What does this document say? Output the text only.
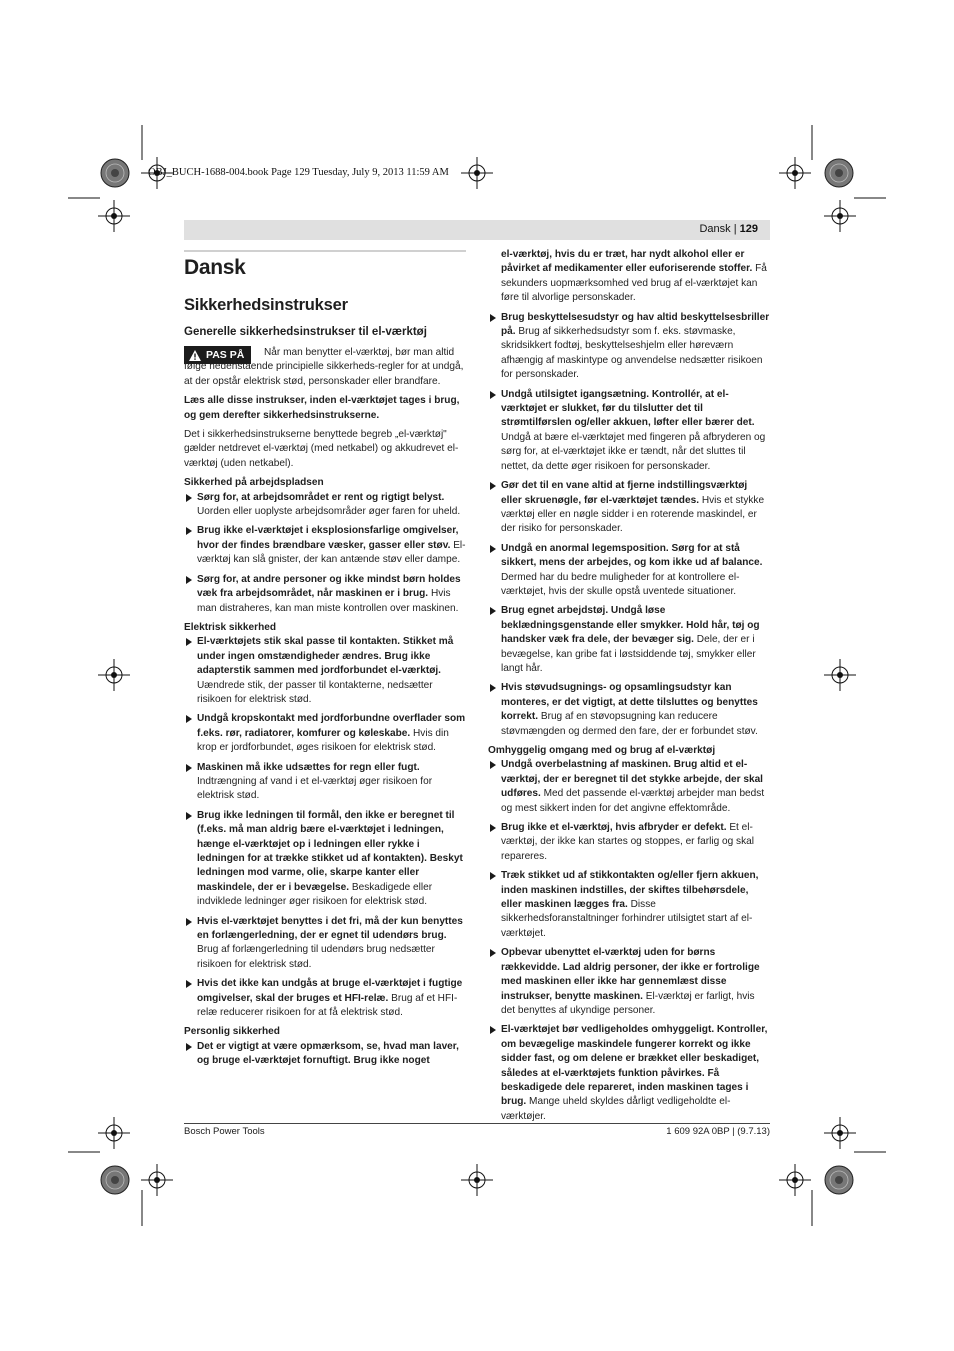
OBJ_BUCH-1688-004.book Page 129 Tuesday, July 9, 2013 11:59 AM
Dansk | 129
Dansk
Sikkerhedsinstrukser
Generelle sikkerhedsinstrukser til el-værktøj
PAS PÅ	Når man benytter el-værktøj, bør man altid følge nedenstående principielle sikkerheds-regler for at undgå, at der opstår elektrisk stød, personskader eller brandfare.

Læs alle disse instrukser, inden el-værktøjet tages i brug, og gem derefter sikkerhedsinstrukserne.

Det i sikkerhedsinstrukserne benyttede begreb „el-værktøj" gælder netdrevet el-værktøj (med netkabel) og akkudrevet el-værktøj (uden netkabel).

Sikkerhed på arbejdspladsen
Sørg for, at arbejdsområdet er rent og rigtigt belyst. Uorden eller uoplyste arbejdsområder øger faren for uheld.
Brug ikke el-værktøjet i eksplosionsfarlige omgivelser, hvor der findes brændbare væsker, gasser eller støv. El-værktøj kan slå gnister, der kan antænde støv eller dampe.
Sørg for, at andre personer og ikke mindst børn holdes væk fra arbejdsområdet, når maskinen er i brug. Hvis man distraheres, kan man miste kontrollen over maskinen.
Elektrisk sikkerhed
El-værktøjets stik skal passe til kontakten. Stikket må under ingen omstændigheder ændres. Brug ikke adapterstik sammen med jordforbundet el-værktøj. Uændrede stik, der passer til kontakterne, nedsætter risikoen for elektrisk stød.
Undgå kropskontakt med jordforbundne overflader som f.eks. rør, radiatorer, komfurer og køleskabe. Hvis din krop er jordforbundet, øges risikoen for elektrisk stød.
Maskinen må ikke udsættes for regn eller fugt. Indtrængning af vand i et el-værktøj øger risikoen for elektrisk stød.
Brug ikke ledningen til formål, den ikke er beregnet til (f.eks. må man aldrig bære el-værktøjet i ledningen, hænge el-værktøjet op i ledningen eller rykke i ledningen for at trække stikket ud af kontakten). Beskyt ledningen mod varme, olie, skarpe kanter eller maskindele, der er i bevægelse. Beskadigede eller indviklede ledninger øger risikoen for elektrisk stød.
Hvis el-værktøjet benyttes i det fri, må der kun benyttes en forlængerledning, der er egnet til udendørs brug. Brug af forlængerledning til udendørs brug nedsætter risikoen for elektrisk stød.
Hvis det ikke kan undgås at bruge el-værktøjet i fugtige omgivelser, skal der bruges et HFI-relæ. Brug af et HFI-relæ reducerer risikoen for at få elektrisk stød.
Personlig sikkerhed
Det er vigtigt at være opmærksom, se, hvad man laver, og bruge el-værktøjet fornuftigt. Brug ikke noget
el-værktøj, hvis du er træt, har nydt alkohol eller er påvirket af medikamenter eller euforiserende stoffer. Få sekunders uopmærksomhed ved brug af el-værktøjet kan føre til alvorlige personskader.
Brug beskyttelsesudstyr og hav altid beskyttelsesbriller på. Brug af sikkerhedsudstyr som f. eks. støvmaske, skridsikkert fodtøj, beskyttelseshjelm eller høreværn afhængig af maskintype og anvendelse nedsætter risikoen for personskader.
Undgå utilsigtet igangsætning. Kontrollér, at el-værktøjet er slukket, før du tilslutter det til strømtilførslen og/eller akkuen, løfter eller bærer det. Undgå at bære el-værktøjet med fingeren på afbryderen og sørg for, at el-værktøjet ikke er tændt, når det sluttes til nettet, da dette øger risikoen for personskader.
Gør det til en vane altid at fjerne indstillingsværktøj eller skruenøgle, før el-værktøjet tændes. Hvis et stykke værktøj eller en nøgle sidder i en roterende maskindel, er der risiko for personskader.
Undgå en anormal legemsposition. Sørg for at stå sikkert, mens der arbejdes, og kom ikke ud af balance. Dermed har du bedre muligheder for at kontrollere el-værktøjet, hvis der skulle opstå uventede situationer.
Brug egnet arbejdstøj. Undgå løse beklædningsgenstande eller smykker. Hold hår, tøj og handsker væk fra dele, der bevæger sig. Dele, der er i bevægelse, kan gribe fat i løstsiddende tøj, smykker eller langt hår.
Hvis støvudsugnings- og opsamlingsudstyr kan monteres, er det vigtigt, at dette tilsluttes og benyttes korrekt. Brug af en støvopsugning kan reducere støvmængden og dermed den fare, der er forbundet støv.
Omhyggelig omgang med og brug af el-værktøj
Undgå overbelastning af maskinen. Brug altid et el-værktøj, der er beregnet til det stykke arbejde, der skal udføres. Med det passende el-værktøj arbejder man bedst og mest sikkert inden for det angivne effektområde.
Brug ikke et el-værktøj, hvis afbryder er defekt. Et el-værktøj, der ikke kan startes og stoppes, er farlig og skal repareres.
Træk stikket ud af stikkontakten og/eller fjern akkuen, inden maskinen indstilles, der skiftes tilbehørsdele, eller maskinen lægges fra. Disse sikkerhedsforanstaltninger forhindrer utilsigtet start af el-værktøjet.
Opbevar ubenyttet el-værktøj uden for børns rækkevidde. Lad aldrig personer, der ikke er fortrolige med maskinen eller ikke har gennemlæst disse instrukser, benytte maskinen. El-værktøj er farligt, hvis det benyttes af ukyndige personer.
El-værktøjet bør vedligeholdes omhyggeligt. Kontroller, om bevægelige maskindele fungerer korrekt og ikke sidder fast, og om delene er brækket eller beskadiget, således at el-værktøjets funktion påvirkes. Få beskadigede dele repareret, inden maskinen tages i brug. Mange uheld skyldes dårligt vedligeholdte el-værktøjer.
Bosch Power Tools	1 609 92A 0BP | (9.7.13)
